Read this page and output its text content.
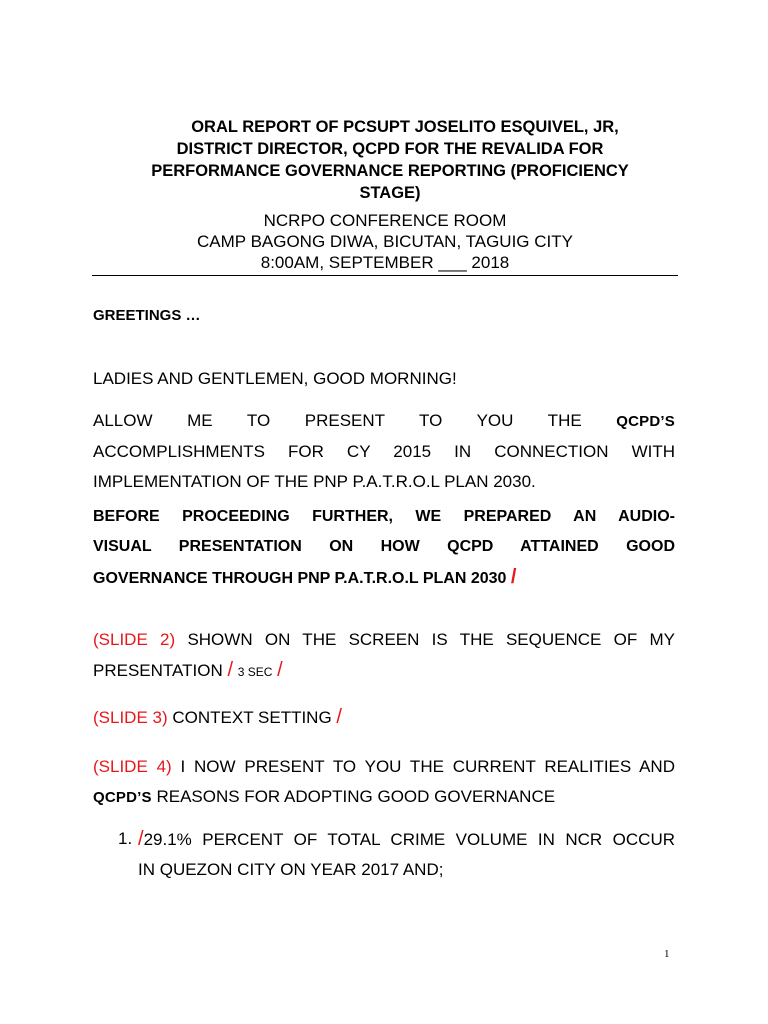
ORAL REPORT OF PCSUPT JOSELITO ESQUIVEL, JR,
DISTRICT DIRECTOR, QCPD FOR THE REVALIDA FOR
PERFORMANCE GOVERNANCE REPORTING (PROFICIENCY
STAGE)
NCRPO CONFERENCE ROOM
CAMP BAGONG DIWA, BICUTAN, TAGUIG CITY
8:00AM, SEPTEMBER ___ 2018
GREETINGS …
LADIES AND GENTLEMEN, GOOD MORNING!

ALLOW ME TO PRESENT TO YOU THE QCPD’S
ACCOMPLISHMENTS FOR CY 2015 IN CONNECTION WITH
IMPLEMENTATION OF THE PNP P.A.T.R.O.L PLAN 2030.

BEFORE PROCEEDING FURTHER, WE PREPARED AN AUDIO-
VISUAL PRESENTATION ON HOW QCPD ATTAINED GOOD
GOVERNANCE THROUGH PNP P.A.T.R.O.L PLAN 2030 /

(SLIDE 2) SHOWN ON THE SCREEN IS THE SEQUENCE OF MY
PRESENTATION / 3 SEC /

(SLIDE 3) CONTEXT SETTING /

(SLIDE 4) I NOW PRESENT TO YOU THE CURRENT REALITIES AND
QCPD’S REASONS FOR ADOPTING GOOD GOVERNANCE

1. /29.1% PERCENT OF TOTAL CRIME VOLUME IN NCR OCCUR
IN QUEZON CITY ON YEAR 2017 AND;
1
